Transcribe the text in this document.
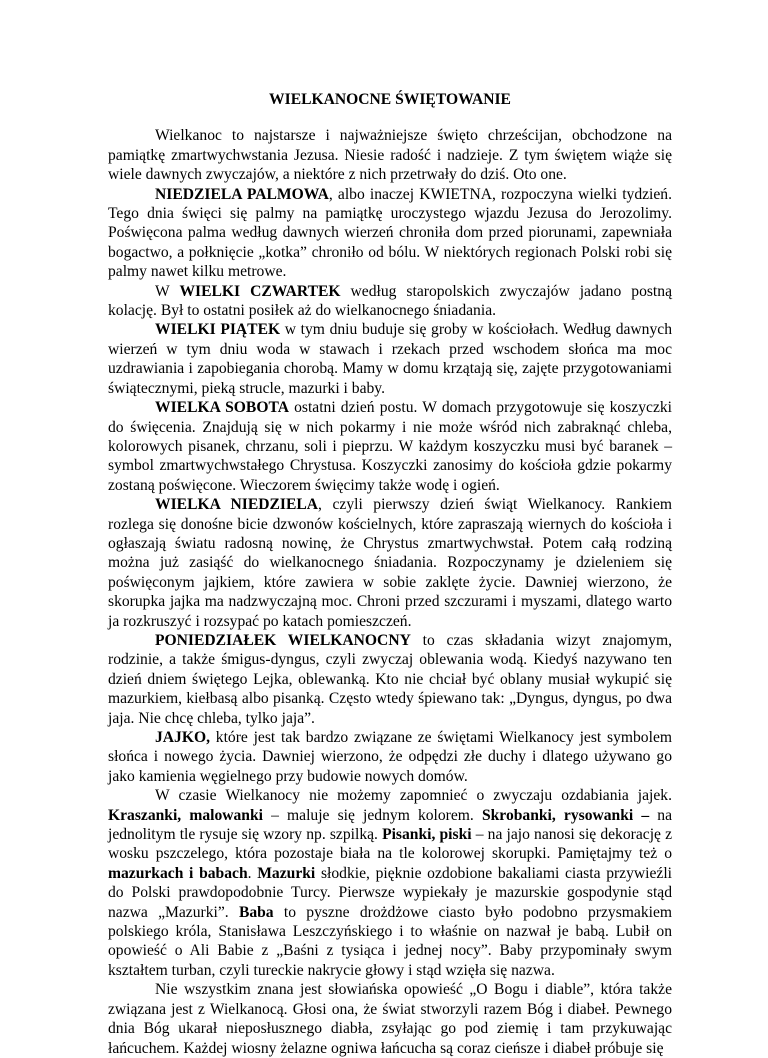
WIELKANOCNE ŚWIĘTOWANIE

Wielkanoc to najstarsze i najważniejsze święto chrześcijan, obchodzone na pamiątkę zmartwychwstania Jezusa. Niesie radość i nadzieje. Z tym świętem wiąże się wiele dawnych zwyczajów, a niektóre z nich przetrwały do dziś. Oto one.

NIEDZIELA PALMOWA, albo inaczej KWIETNA, rozpoczyna wielki tydzień. Tego dnia święci się palmy na pamiątkę uroczystego wjazdu Jezusa do Jerozolimy. Poświęcona palma według dawnych wierzeń chroniła dom przed piorunami, zapewniała bogactwo, a połknięcie „kotka” chroniło od bólu. W niektórych regionach Polski robi się palmy nawet kilku metrowe.

W WIELKI CZWARTEK według staropolskich zwyczajów jadano postną kolację. Był to ostatni posiłek aż do wielkanocnego śniadania.

WIELKI PIĄTEK w tym dniu buduje się groby w kościołach. Według dawnych wierzeń w tym dniu woda w stawach i rzekach przed wschodem słońca ma moc uzdrawiania i zapobiegania chorobą. Mamy w domu krzątają się, zajęte przygotowaniami świątecznymi, pieką strucle, mazurki i baby.

WIELKA SOBOTA ostatni dzień postu. W domach przygotowuje się koszyczki do święcenia. Znajdują się w nich pokarmy i nie może wśród nich zabraknąć chleba, kolorowych pisanek, chrzanu, soli i pieprzu. W każdym koszyczku musi być baranek – symbol zmartwychwstałego Chrystusa. Koszyczki zanosimy do kościoła gdzie pokarmy zostaną poświęcone. Wieczorem święcimy także wodę i ogień.

WIELKA NIEDZIELA, czyli pierwszy dzień świąt Wielkanocy. Rankiem rozlega się donośne bicie dzwonów kościelnych, które zapraszają wiernych do kościoła i ogłaszają światu radosną nowinę, że Chrystus zmartwychwstał. Potem całą rodziną można już zasiąść do wielkanocnego śniadania. Rozpoczynamy je dzieleniem się poświęconym jajkiem, które zawiera w sobie zaklęte życie. Dawniej wierzono, że skorupka jajka ma nadzwyczajną moc. Chroni przed szczurami i myszami, dlatego warto ja rozkruszyć i rozsypać po katach pomieszczeń.

PONIEDZIAŁEK WIELKANOCNY to czas składania wizyt znajomym, rodzinie, a także śmigus-dyngus, czyli zwyczaj oblewania wodą. Kiedyś nazywano ten dzień dniem świętego Lejka, oblewanką. Kto nie chciał być oblany musiał wykupić się mazurkiem, kiełbasą albo pisanką. Często wtedy śpiewano tak: „Dyngus, dyngus, po dwa jaja. Nie chcę chleba, tylko jaja”.

JAJKO, które jest tak bardzo związane ze świętami Wielkanocy jest symbolem słońca i nowego życia. Dawniej wierzono, że odpędzi złe duchy i dlatego używano go jako kamienia węgielnego przy budowie nowych domów.

W czasie Wielkanocy nie możemy zapomnieć o zwyczaju ozdabiania jajek. Kraszanki, malowanki – maluje się jednym kolorem. Skrobanki, rysowanki – na jednolitym tle rysuje się wzory np. szpilką. Pisanki, piski – na jajo nanosi się dekorację z wosku pszczelego, która pozostaje biała na tle kolorowej skorupki. Pamiętajmy też o mazurkach i babach. Mazurki słodkie, pięknie ozdobione bakaliami ciasta przywieźli do Polski prawdopodobnie Turcy. Pierwsze wypiekały je mazurskie gospodynie stąd nazwa „Mazurki”. Baba to pyszne drożdżowe ciasto było podobno przysmakiem polskiego króla, Stanisława Leszczyńskiego i to właśnie on nazwał je babą. Lubił on opowieść o Ali Babie z „Baśni z tysiąca i jednej nocy”. Baby przypominały swym kształtem turban, czyli tureckie nakrycie głowy i stąd wzięła się nazwa.

Nie wszystkim znana jest słowiańska opowieść „O Bogu i diable”, która także związana jest z Wielkanocą. Głosi ona, że świat stworzyli razem Bóg i diabeł. Pewnego dnia Bóg ukarał nieposłusznego diabła, zsyłając go pod ziemię i tam przykuwając łańcuchem. Każdej wiosny żelazne ogniwa łańcucha są coraz cieńsze i diabeł próbuje się
